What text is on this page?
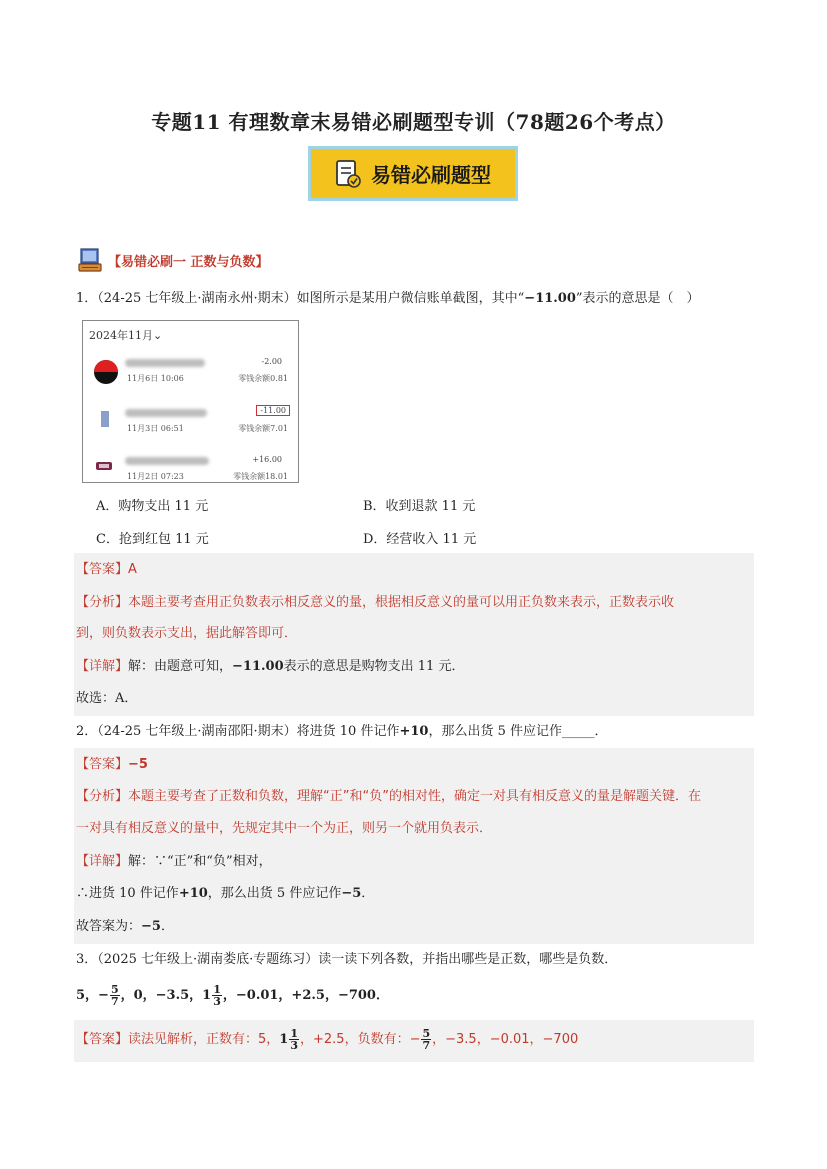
专题11 有理数章末易错必刷题型专训（78题26个考点）
易错必刷题型
【易错必刷一 正数与负数】
1．（24-25 七年级上·湖南永州·期末）如图所示是某用户微信账单截图，其中“−11.00”表示的意思是（　）
2024年11月⌄
11月6日 10:06
-2.00
零钱余额0.81
11月3日 06:51
-11.00
零钱余额7.01
11月2日 07:23
+16.00
零钱余额18.01
A．购物支出 11 元	B．收到退款 11 元
C．抢到红包 11 元	D．经营收入 11 元
【答案】A
【分析】本题主要考查用正负数表示相反意义的量，根据相反意义的量可以用正负数来表示，正数表示收
到，则负数表示支出，据此解答即可．
【详解】解：由题意可知，−11.00表示的意思是购物支出 11 元．
故选：A．
2．（24-25 七年级上·湖南邵阳·期末）将进货 10 件记作+10，那么出货 5 件应记作_____．
【答案】−5
【分析】本题主要考查了正数和负数，理解“正”和“负”的相对性，确定一对具有相反意义的量是解题关键．在
一对具有相反意义的量中，先规定其中一个为正，则另一个就用负表示．
【详解】解：∵“正”和“负”相对，
∴进货 10 件记作+10，那么出货 5 件应记作−5．
故答案为：−5．
3．（2025 七年级上·湖南娄底·专题练习）读一读下列各数，并指出哪些是正数，哪些是负数．
5，− $\frac{5}{7}$ ，0，−3.5，$1 \frac{1}{3}$ ，−0.01，+2.5，−700．
【答案】读法见解析，正数有：5，$1 \frac{1}{3}$ ，+2.5，负数有：− $\frac{5}{7}$ ，−3.5，−0.01，−700
